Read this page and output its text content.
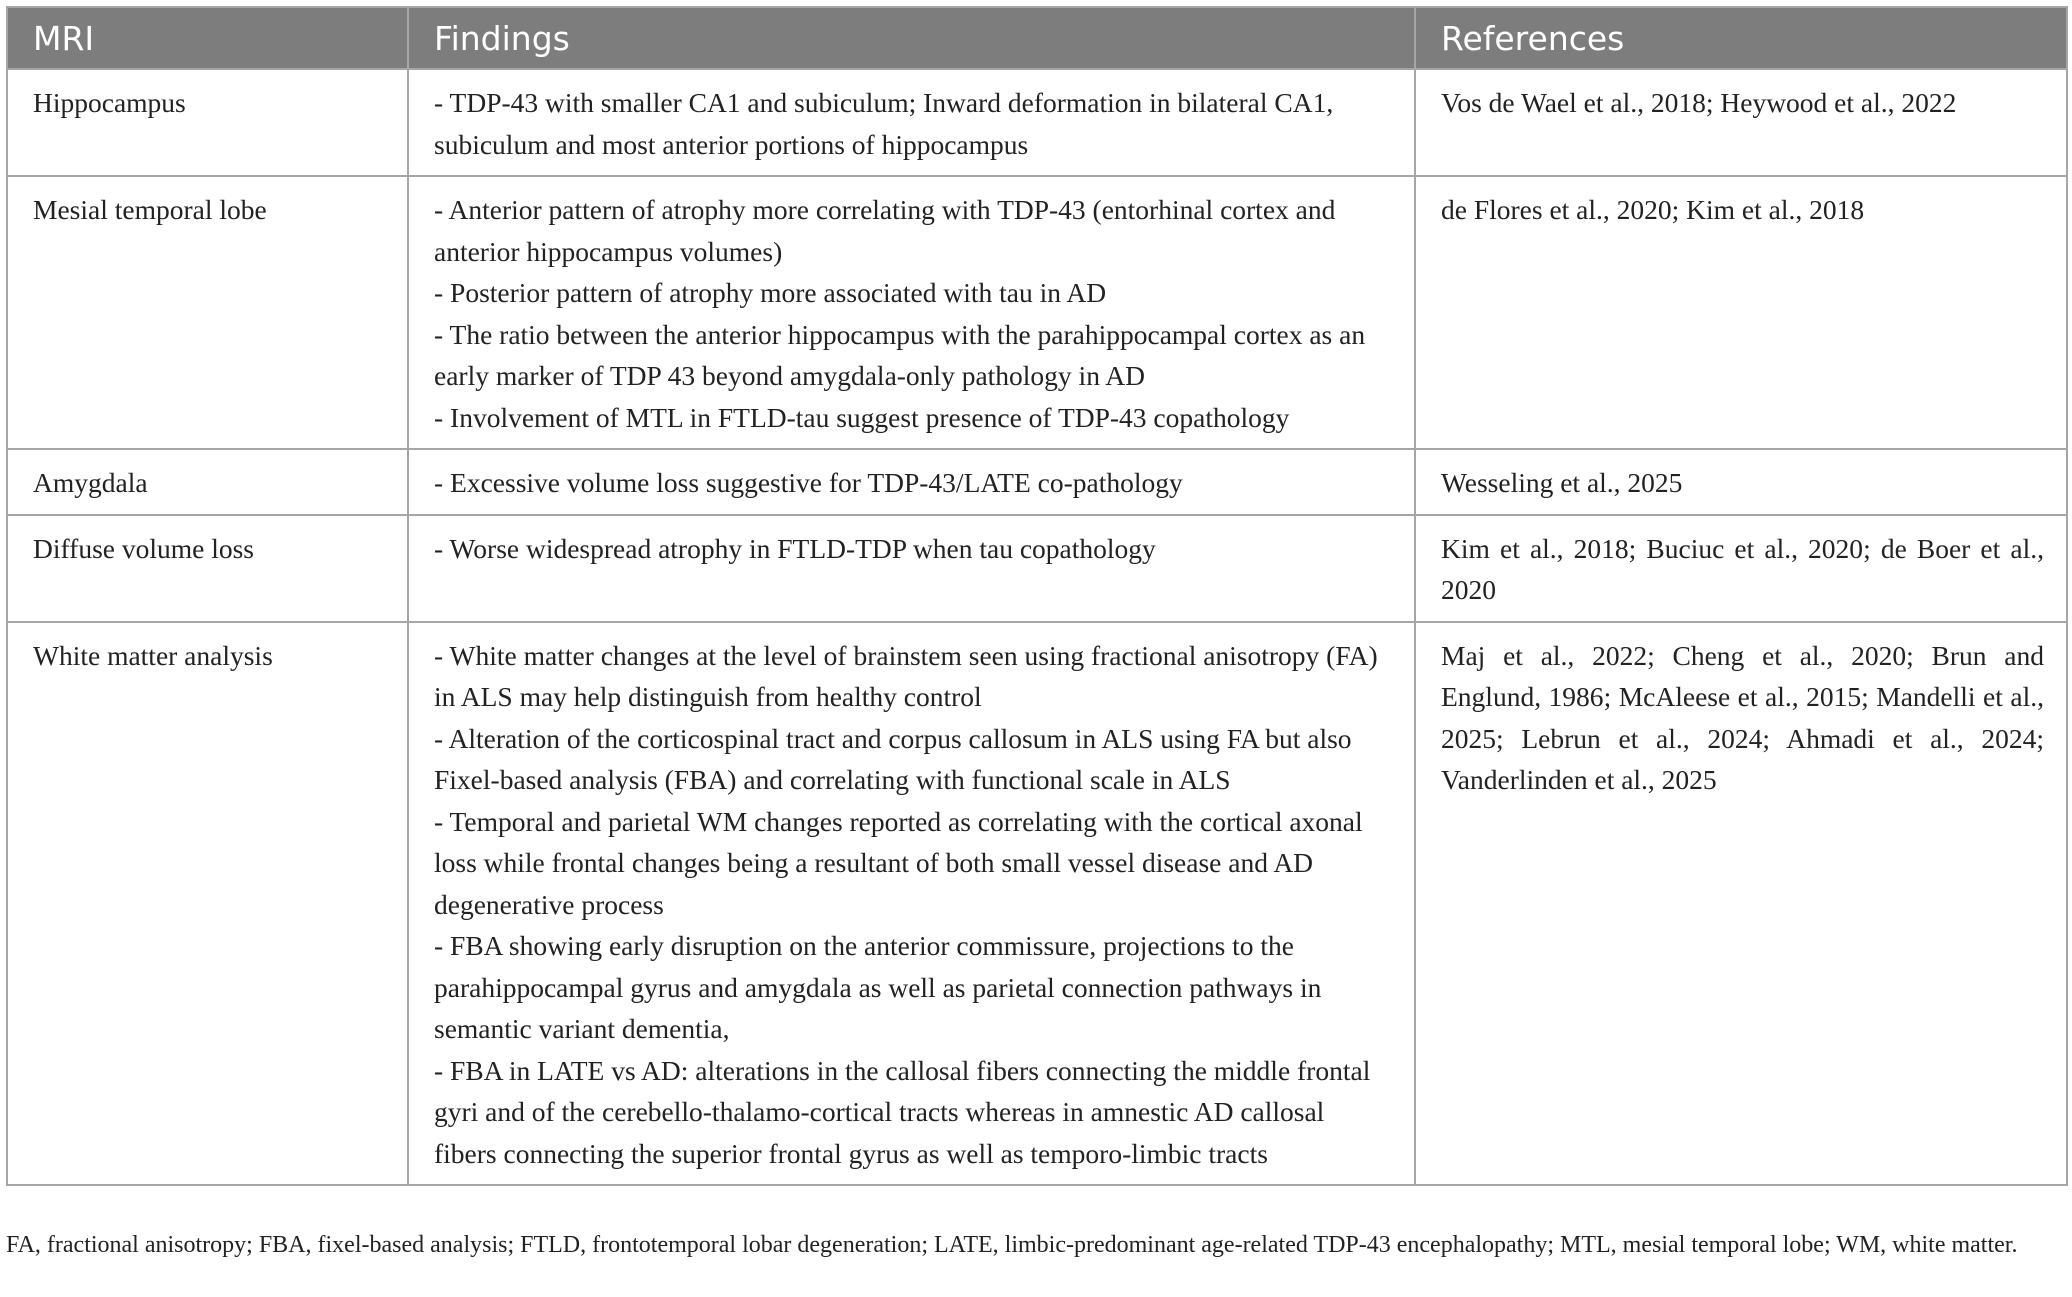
MRI	Findings	References
Hippocampus	- TDP-43 with smaller CA1 and subiculum; Inward deformation in bilateral CA1, subiculum and most anterior portions of hippocampus	Vos de Wael et al., 2018; Heywood et al., 2022
Mesial temporal lobe	- Anterior pattern of atrophy more correlating with TDP-43 (entorhinal cortex and anterior hippocampus volumes)
- Posterior pattern of atrophy more associated with tau in AD
- The ratio between the anterior hippocampus with the parahippocampal cortex as an early marker of TDP 43 beyond amygdala-only pathology in AD
- Involvement of MTL in FTLD-tau suggest presence of TDP-43 copathology	de Flores et al., 2020; Kim et al., 2018
Amygdala	- Excessive volume loss suggestive for TDP-43/LATE co-pathology	Wesseling et al., 2025
Diffuse volume loss	- Worse widespread atrophy in FTLD-TDP when tau copathology	Kim et al., 2018; Buciuc et al., 2020; de Boer et al., 2020
White matter analysis	- White matter changes at the level of brainstem seen using fractional anisotropy (FA) in ALS may help distinguish from healthy control
- Alteration of the corticospinal tract and corpus callosum in ALS using FA but also Fixel-based analysis (FBA) and correlating with functional scale in ALS
- Temporal and parietal WM changes reported as correlating with the cortical axonal loss while frontal changes being a resultant of both small vessel disease and AD degenerative process
- FBA showing early disruption on the anterior commissure, projections to the parahippocampal gyrus and amygdala as well as parietal connection pathways in semantic variant dementia,
- FBA in LATE vs AD: alterations in the callosal fibers connecting the middle frontal gyri and of the cerebello-thalamo-cortical tracts whereas in amnestic AD callosal fibers connecting the superior frontal gyrus as well as temporo-limbic tracts	Maj et al., 2022; Cheng et al., 2020; Brun and Englund, 1986; McAleese et al., 2015; Mandelli et al., 2025; Lebrun et al., 2024; Ahmadi et al., 2024; Vanderlinden et al., 2025
FA, fractional anisotropy; FBA, fixel-based analysis; FTLD, frontotemporal lobar degeneration; LATE, limbic-predominant age-related TDP-43 encephalopathy; MTL, mesial temporal lobe; WM, white matter.
